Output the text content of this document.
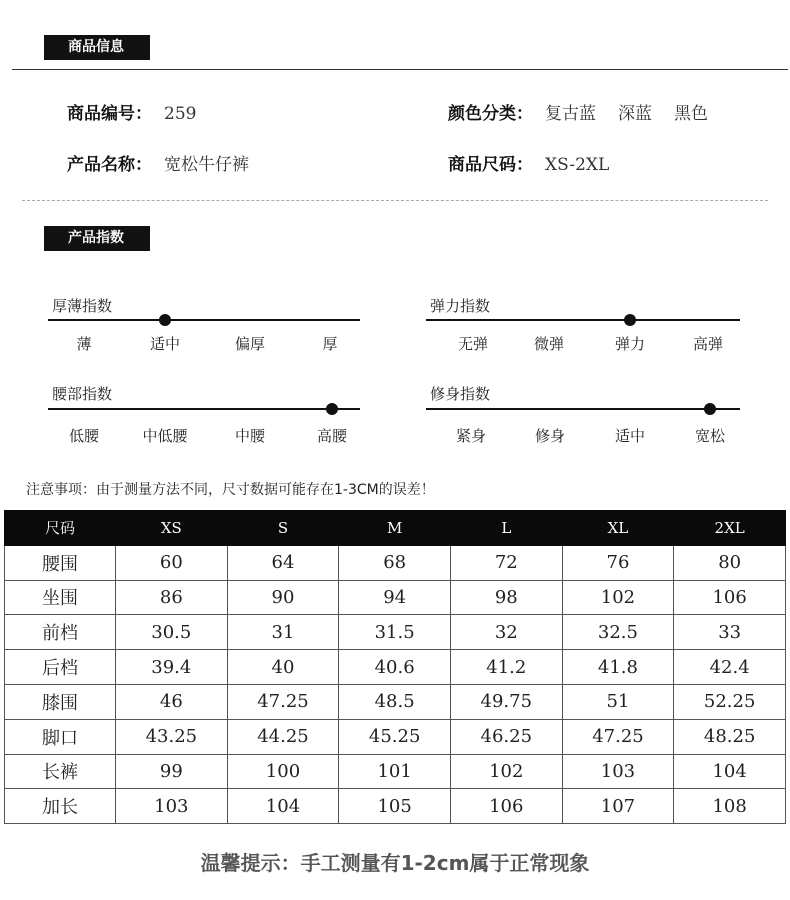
商品信息
商品编号： 259	颜色分类： 复古蓝 深蓝 黑色
产品名称： 宽松牛仔裤	商品尺码： XS-2XL
产品指数
厚薄指数
薄	适中	偏厚	厚
弹力指数
无弹	微弹	弹力	高弹
腰部指数
低腰	中低腰	中腰	高腰
修身指数
紧身	修身	适中	宽松
注意事项：由于测量方法不同，尺寸数据可能存在1-3CM的误差！
尺码	XS	S	M	L	XL	2XL
腰围	60	64	68	72	76	80
坐围	86	90	94	98	102	106
前档	30.5	31	31.5	32	32.5	33
后档	39.4	40	40.6	41.2	41.8	42.4
膝围	46	47.25	48.5	49.75	51	52.25
脚口	43.25	44.25	45.25	46.25	47.25	48.25
长裤	99	100	101	102	103	104
加长	103	104	105	106	107	108
温馨提示：手工测量有1-2cm属于正常现象
